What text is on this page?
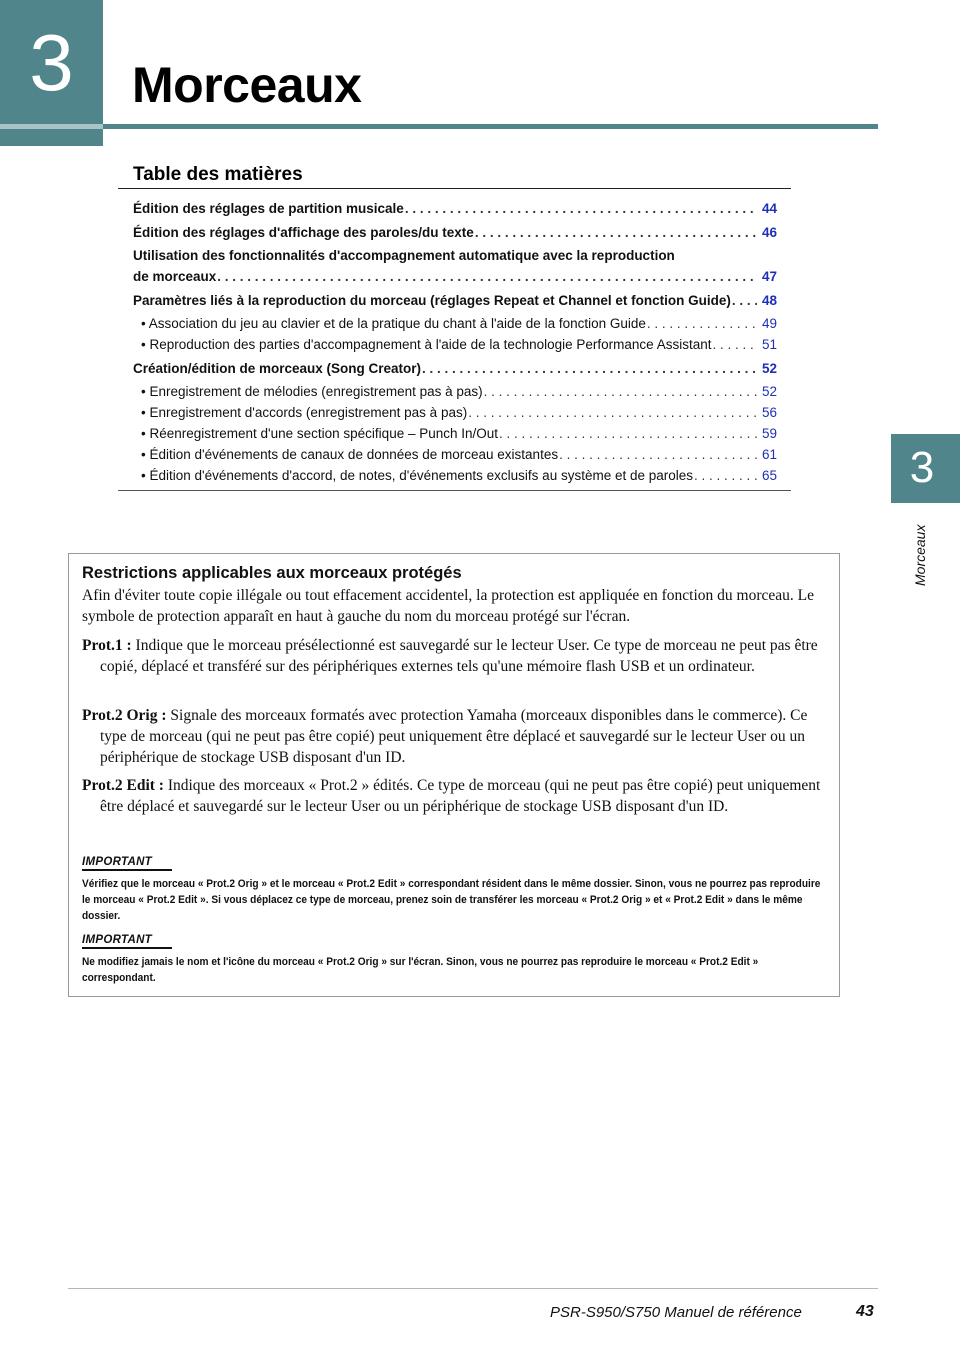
3	Morceaux
Table des matières
Édition des réglages de partition musicale . . .	44
Édition des réglages d'affichage des paroles/du texte . . .	46
Utilisation des fonctionnalités d'accompagnement automatique avec la reproduction
de morceaux . . .	47
Paramètres liés à la reproduction du morceau (réglages Repeat et Channel et fonction Guide) . . . 48
• Association du jeu au clavier et de la pratique du chant à l'aide de la fonction Guide . . .	49
• Reproduction des parties d'accompagnement à l'aide de la technologie Performance Assistant . . .	51
Création/édition de morceaux (Song Creator) . . .	52
• Enregistrement de mélodies (enregistrement pas à pas) . . .	52
• Enregistrement d'accords (enregistrement pas à pas) . . .	56
• Réenregistrement d'une section spécifique – Punch In/Out . . .	59
• Édition d'événements de canaux de données de morceau existantes . . .	61
• Édition d'événements d'accord, de notes, d'événements exclusifs au système et de paroles . . .	65	3
Morceaux
Restrictions applicables aux morceaux protégés
Afin d'éviter toute copie illégale ou tout effacement accidentel, la protection est appliquée en fonction du morceau. Le symbole de protection apparaît en haut à gauche du nom du morceau protégé sur l'écran.
Prot.1 : Indique que le morceau présélectionné est sauvegardé sur le lecteur User. Ce type de morceau ne peut pas être copié, déplacé et transféré sur des périphériques externes tels qu'une mémoire flash USB et un ordinateur.
Prot.2 Orig : Signale des morceaux formatés avec protection Yamaha (morceaux disponibles dans le commerce). Ce type de morceau (qui ne peut pas être copié) peut uniquement être déplacé et sauvegardé sur le lecteur User ou un périphérique de stockage USB disposant d'un ID.
Prot.2 Edit : Indique des morceaux « Prot.2 » édités. Ce type de morceau (qui ne peut pas être copié) peut uniquement être déplacé et sauvegardé sur le lecteur User ou un périphérique de stockage USB disposant d'un ID.
IMPORTANT
Vérifiez que le morceau « Prot.2 Orig » et le morceau « Prot.2 Edit » correspondant résident dans le même dossier. Sinon, vous ne pourrez pas reproduire le morceau « Prot.2 Edit ». Si vous déplacez ce type de morceau, prenez soin de transférer les morceau « Prot.2 Orig » et « Prot.2 Edit » dans le même dossier.
IMPORTANT
Ne modifiez jamais le nom et l'icône du morceau « Prot.2 Orig » sur l'écran. Sinon, vous ne pourrez pas reproduire le morceau « Prot.2 Edit » correspondant.
PSR-S950/S750 Manuel de référence	43
